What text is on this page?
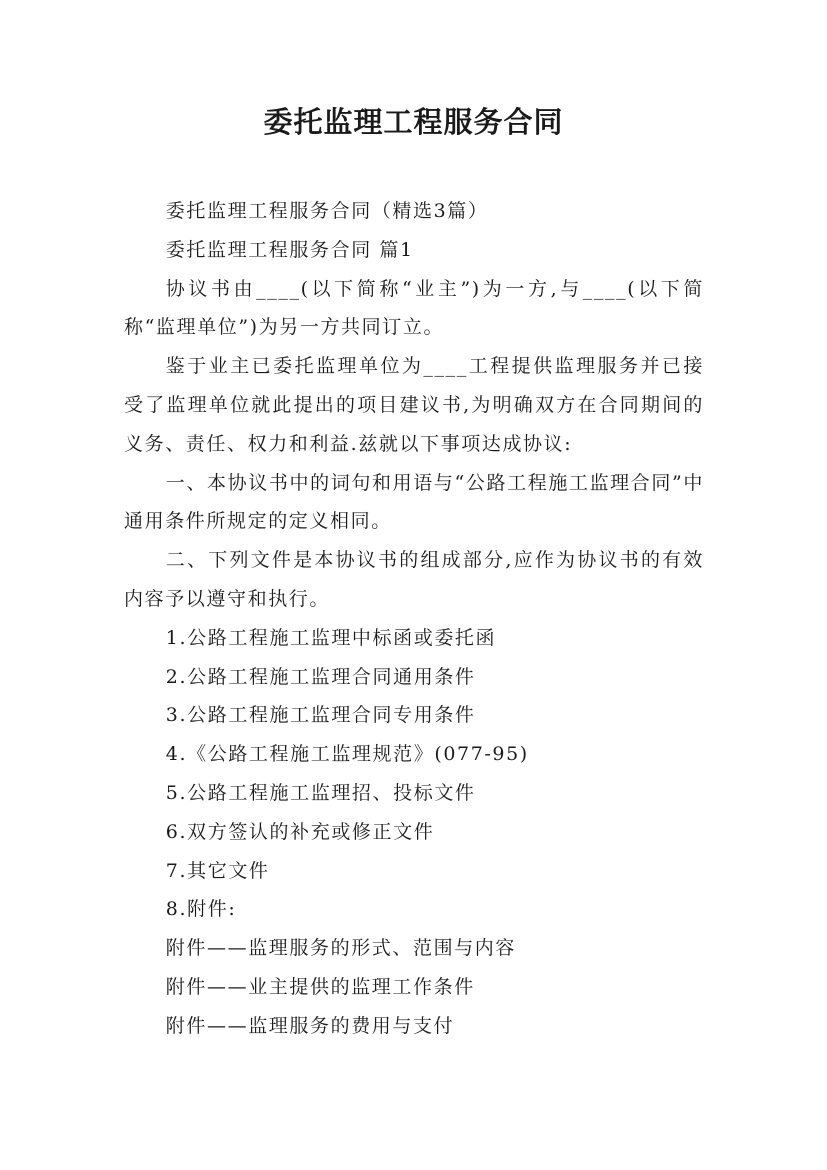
委托监理工程服务合同

委托监理工程服务合同（精选3篇）

委托监理工程服务合同 篇1

协议书由____(以下简称“业主”)为一方,与____(以下简称“监理单位”)为另一方共同订立。

鉴于业主已委托监理单位为____工程提供监理服务并已接受了监理单位就此提出的项目建议书,为明确双方在合同期间的义务、责任、权力和利益.兹就以下事项达成协议:

一、本协议书中的词句和用语与“公路工程施工监理合同”中通用条件所规定的定义相同。

二、下列文件是本协议书的组成部分,应作为协议书的有效内容予以遵守和执行。

1.公路工程施工监理中标函或委托函

2.公路工程施工监理合同通用条件

3.公路工程施工监理合同专用条件

4.《公路工程施工监理规范》(077-95)

5.公路工程施工监理招、投标文件

6.双方签认的补充或修正文件

7.其它文件

8.附件:

附件——监理服务的形式、范围与内容

附件——业主提供的监理工作条件

附件——监理服务的费用与支付
